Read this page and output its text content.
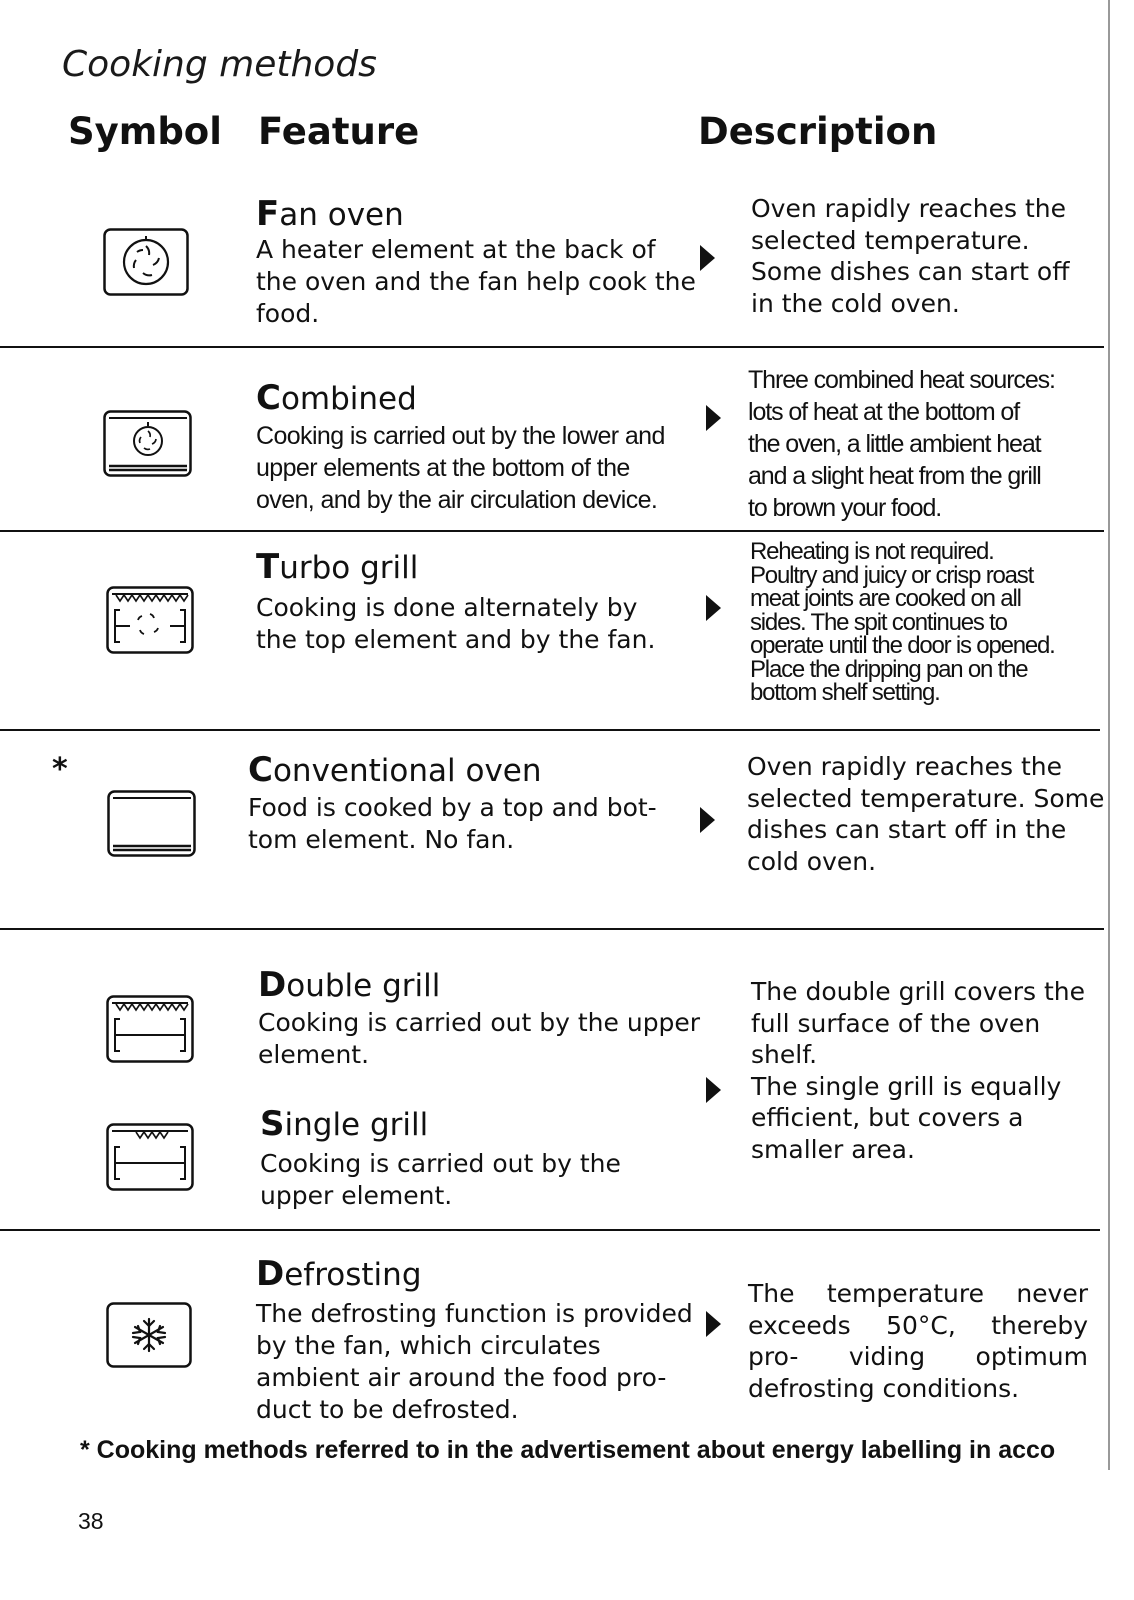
Cooking methods
Symbol Feature	Description
Fan oven
A heater element at the back of
the oven and the fan help cook the
food.
Oven rapidly reaches the
selected temperature.
Some dishes can start off
in the cold oven.
Combined
Cooking is carried out by the lower and
upper elements at the bottom of the
oven, and by the air circulation device.
Three combined heat sources:
lots of heat at the bottom of
the oven, a little ambient heat
and a slight heat from the grill
to brown your food.
Turbo grill
Cooking is done alternately by
the top element and by the fan.
Reheating is not required.
Poultry and juicy or crisp roast
meat joints are cooked on all
sides. The spit continues to
operate until the door is opened.
Place the dripping pan on the
bottom shelf setting.
*	Conventional oven
Food is cooked by a top and bot-
tom element. No fan.
Oven rapidly reaches the
selected temperature. Some
dishes can start off in the
cold oven.
Double grill
Cooking is carried out by the upper
element.
Single grill
Cooking is carried out by the
upper element.
The double grill covers the
full surface of the oven
shelf.
The single grill is equally
efficient, but covers a
smaller area.
Defrosting
The defrosting function is provided
by the fan, which circulates
ambient air around the food pro-
duct to be defrosted.
The temperature never exceeds 50°C, thereby pro- viding optimum defrosting conditions.
* Cooking methods referred to in the advertisement about energy labelling in acco
38
